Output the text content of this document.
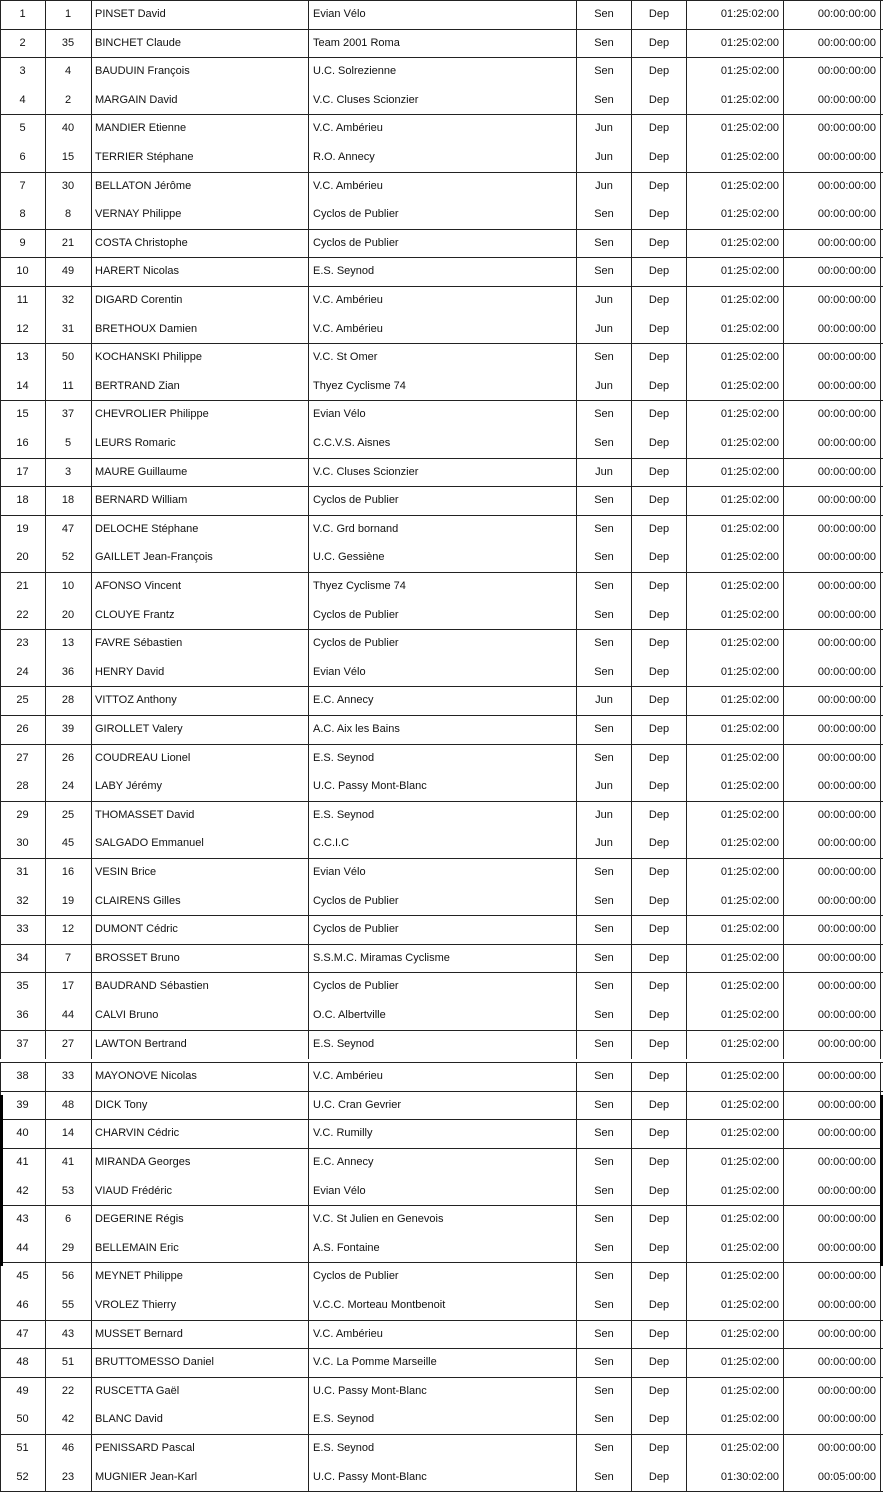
1	1	PINSET David	Evian Vélo	Sen	Dep	01:25:02:00	00:00:00:00
2	35	BINCHET Claude	Team 2001 Roma	Sen	Dep	01:25:02:00	00:00:00:00
3	4	BAUDUIN François	U.C. Solrezienne	Sen	Dep	01:25:02:00	00:00:00:00
4	2	MARGAIN David	V.C. Cluses Scionzier	Sen	Dep	01:25:02:00	00:00:00:00
5	40	MANDIER Etienne	V.C. Ambérieu	Jun	Dep	01:25:02:00	00:00:00:00
6	15	TERRIER Stéphane	R.O. Annecy	Jun	Dep	01:25:02:00	00:00:00:00
7	30	BELLATON Jérôme	V.C. Ambérieu	Jun	Dep	01:25:02:00	00:00:00:00
8	8	VERNAY Philippe	Cyclos de Publier	Sen	Dep	01:25:02:00	00:00:00:00
9	21	COSTA Christophe	Cyclos de Publier	Sen	Dep	01:25:02:00	00:00:00:00
10	49	HARERT Nicolas	E.S. Seynod	Sen	Dep	01:25:02:00	00:00:00:00
11	32	DIGARD Corentin	V.C. Ambérieu	Jun	Dep	01:25:02:00	00:00:00:00
12	31	BRETHOUX Damien	V.C. Ambérieu	Jun	Dep	01:25:02:00	00:00:00:00
13	50	KOCHANSKI Philippe	V.C. St Omer	Sen	Dep	01:25:02:00	00:00:00:00
14	11	BERTRAND Zian	Thyez Cyclisme 74	Jun	Dep	01:25:02:00	00:00:00:00
15	37	CHEVROLIER Philippe	Evian Vélo	Sen	Dep	01:25:02:00	00:00:00:00
16	5	LEURS Romaric	C.C.V.S. Aisnes	Sen	Dep	01:25:02:00	00:00:00:00
17	3	MAURE Guillaume	V.C. Cluses Scionzier	Jun	Dep	01:25:02:00	00:00:00:00
18	18	BERNARD William	Cyclos de Publier	Sen	Dep	01:25:02:00	00:00:00:00
19	47	DELOCHE Stéphane	V.C. Grd bornand	Sen	Dep	01:25:02:00	00:00:00:00
20	52	GAILLET Jean-François	U.C. Gessiène	Sen	Dep	01:25:02:00	00:00:00:00
21	10	AFONSO Vincent	Thyez Cyclisme 74	Sen	Dep	01:25:02:00	00:00:00:00
22	20	CLOUYE Frantz	Cyclos de Publier	Sen	Dep	01:25:02:00	00:00:00:00
23	13	FAVRE Sébastien	Cyclos de Publier	Sen	Dep	01:25:02:00	00:00:00:00
24	36	HENRY David	Evian Vélo	Sen	Dep	01:25:02:00	00:00:00:00
25	28	VITTOZ Anthony	E.C. Annecy	Jun	Dep	01:25:02:00	00:00:00:00
26	39	GIROLLET Valery	A.C. Aix les Bains	Sen	Dep	01:25:02:00	00:00:00:00
27	26	COUDREAU Lionel	E.S. Seynod	Sen	Dep	01:25:02:00	00:00:00:00
28	24	LABY Jérémy	U.C. Passy Mont-Blanc	Jun	Dep	01:25:02:00	00:00:00:00
29	25	THOMASSET David	E.S. Seynod	Jun	Dep	01:25:02:00	00:00:00:00
30	45	SALGADO Emmanuel	C.C.I.C	Jun	Dep	01:25:02:00	00:00:00:00
31	16	VESIN Brice	Evian Vélo	Sen	Dep	01:25:02:00	00:00:00:00
32	19	CLAIRENS Gilles	Cyclos de Publier	Sen	Dep	01:25:02:00	00:00:00:00
33	12	DUMONT Cédric	Cyclos de Publier	Sen	Dep	01:25:02:00	00:00:00:00
34	7	BROSSET Bruno	S.S.M.C. Miramas Cyclisme	Sen	Dep	01:25:02:00	00:00:00:00
35	17	BAUDRAND Sébastien	Cyclos de Publier	Sen	Dep	01:25:02:00	00:00:00:00
36	44	CALVI Bruno	O.C. Albertville	Sen	Dep	01:25:02:00	00:00:00:00
37	27	LAWTON Bertrand	E.S. Seynod	Sen	Dep	01:25:02:00	00:00:00:00
38	33	MAYONOVE Nicolas	V.C. Ambérieu	Sen	Dep	01:25:02:00	00:00:00:00
39	48	DICK Tony	U.C. Cran Gevrier	Sen	Dep	01:25:02:00	00:00:00:00
40	14	CHARVIN Cédric	V.C. Rumilly	Sen	Dep	01:25:02:00	00:00:00:00
41	41	MIRANDA Georges	E.C. Annecy	Sen	Dep	01:25:02:00	00:00:00:00
42	53	VIAUD Frédéric	Evian Vélo	Sen	Dep	01:25:02:00	00:00:00:00
43	6	DEGERINE Régis	V.C. St Julien en Genevois	Sen	Dep	01:25:02:00	00:00:00:00
44	29	BELLEMAIN Eric	A.S. Fontaine	Sen	Dep	01:25:02:00	00:00:00:00
45	56	MEYNET Philippe	Cyclos de Publier	Sen	Dep	01:25:02:00	00:00:00:00
46	55	VROLEZ Thierry	V.C.C. Morteau Montbenoit	Sen	Dep	01:25:02:00	00:00:00:00
47	43	MUSSET Bernard	V.C. Ambérieu	Sen	Dep	01:25:02:00	00:00:00:00
48	51	BRUTTOMESSO Daniel	V.C. La Pomme Marseille	Sen	Dep	01:25:02:00	00:00:00:00
49	22	RUSCETTA Gaël	U.C. Passy Mont-Blanc	Sen	Dep	01:25:02:00	00:00:00:00
50	42	BLANC David	E.S. Seynod	Sen	Dep	01:25:02:00	00:00:00:00
51	46	PENISSARD Pascal	E.S. Seynod	Sen	Dep	01:25:02:00	00:00:00:00
52	23	MUGNIER Jean-Karl	U.C. Passy Mont-Blanc	Sen	Dep	01:30:02:00	00:05:00:00
